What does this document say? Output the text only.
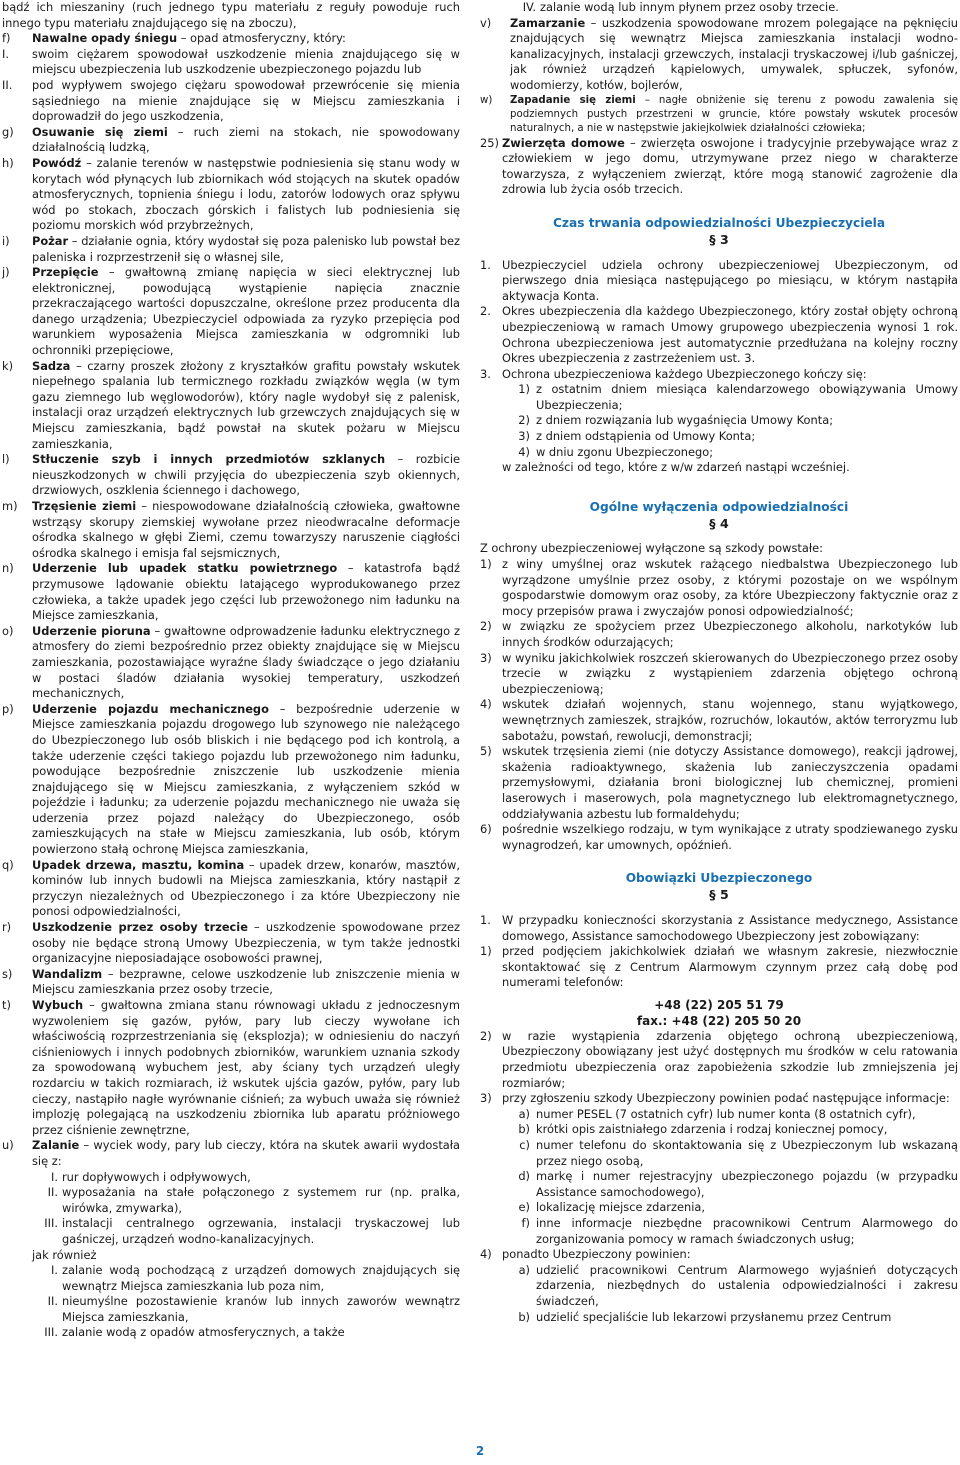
bądź ich mieszaniny (ruch jednego typu materiału z reguły powoduje ruch innego typu materiału znajdującego się na zboczu),

f) Nawalne opady śniegu – opad atmosferyczny, który:
I. swoim ciężarem spowodował uszkodzenie mienia znajdującego się w miejscu ubezpieczenia lub uszkodzenie ubezpieczonego pojazdu lub
II. pod wypływem swojego ciężaru spowodował przewrócenie się mienia sąsiedniego na mienie znajdujące się w Miejscu zamieszkania i doprowadził do jego uszkodzenia,
g) Osuwanie się ziemi – ruch ziemi na stokach, nie spowodowany działalnością ludzką,
h) Powódź – zalanie terenów w następstwie podniesienia się stanu wody w korytach wód płynących lub zbiornikach wód stojących na skutek opadów atmosferycznych, topnienia śniegu i lodu, zatorów lodowych oraz spływu wód po stokach, zboczach górskich i falistych lub podniesienia się poziomu morskich wód przybrzeżnych,
i) Pożar – działanie ognia, który wydostał się poza palenisko lub powstał bez paleniska i rozprzestrzenił się o własnej sile,
j) Przepięcie – gwałtowną zmianę napięcia w sieci elektrycznej lub elektronicznej, powodującą wystąpienie napięcia znacznie przekraczającego wartości dopuszczalne, określone przez producenta dla danego urządzenia; Ubezpieczyciel odpowiada za ryzyko przepięcia pod warunkiem wyposażenia Miejsca zamieszkania w odgromniki lub ochronniki przepięciowe,
k) Sadza – czarny proszek złożony z kryształków grafitu powstały wskutek niepełnego spalania lub termicznego rozkładu związków węgla (w tym gazu ziemnego lub węglowodorów), który nagle wydobył się z palenisk, instalacji oraz urządzeń elektrycznych lub grzewczych znajdujących się w Miejscu zamieszkania, bądź powstał na skutek pożaru w Miejscu zamieszkania,
l) Stłuczenie szyb i innych przedmiotów szklanych – rozbicie nieuszkodzonych w chwili przyjęcia do ubezpieczenia szyb okiennych, drzwiowych, oszklenia ściennego i dachowego,
m) Trzęsienie ziemi – niespowodowane działalnością człowieka, gwałtowne wstrząsy skorupy ziemskiej wywołane przez nieodwracalne deformacje ośrodka skalnego w głębi Ziemi, czemu towarzyszy naruszenie ciągłości ośrodka skalnego i emisja fal sejsmicznych,
n) Uderzenie lub upadek statku powietrznego – katastrofa bądź przymusowe lądowanie obiektu latającego wyprodukowanego przez człowieka, a także upadek jego części lub przewożonego nim ładunku na Miejsce zamieszkania,
o) Uderzenie pioruna – gwałtowne odprowadzenie ładunku elektrycznego z atmosfery do ziemi bezpośrednio przez obiekty znajdujące się w Miejscu zamieszkania, pozostawiające wyraźne ślady świadczące o jego działaniu w postaci śladów działania wysokiej temperatury, uszkodzeń mechanicznych,
p) Uderzenie pojazdu mechanicznego – bezpośrednie uderzenie w Miejsce zamieszkania pojazdu drogowego lub szynowego nie należącego do Ubezpieczonego lub osób bliskich i nie będącego pod ich kontrolą, a także uderzenie części takiego pojazdu lub przewożonego nim ładunku, powodujące bezpośrednie zniszczenie lub uszkodzenie mienia znajdującego się w Miejscu zamieszkania, z wyłączeniem szkód w pojeździe i ładunku; za uderzenie pojazdu mechanicznego nie uważa się uderzenia przez pojazd należący do Ubezpieczonego, osób zamieszkujących na stałe w Miejscu zamieszkania, lub osób, którym powierzono stałą ochronę Miejsca zamieszkania,
q) Upadek drzewa, masztu, komina – upadek drzew, konarów, masztów, kominów lub innych budowli na Miejsca zamieszkania, który nastąpił z przyczyn niezależnych od Ubezpieczonego i za które Ubezpieczony nie ponosi odpowiedzialności,
r) Uszkodzenie przez osoby trzecie – uszkodzenie spowodowane przez osoby nie będące stroną Umowy Ubezpieczenia, w tym także jednostki organizacyjne nieposiadające osobowości prawnej,
s) Wandalizm – bezprawne, celowe uszkodzenie lub zniszczenie mienia w Miejscu zamieszkania przez osoby trzecie,
t) Wybuch – gwałtowna zmiana stanu równowagi układu z jednoczesnym wyzwoleniem się gazów, pyłów, pary lub cieczy wywołane ich właściwością rozprzestrzeniania się (eksplozja); w odniesieniu do naczyń ciśnieniowych i innych podobnych zbiorników, warunkiem uznania szkody za spowodowaną wybuchem jest, aby ściany tych urządzeń uległy rozdarciu w takich rozmiarach, iż wskutek ujścia gazów, pyłów, pary lub cieczy, nastąpiło nagłe wyrównanie ciśnień; za wybuch uważa się również implozję polegającą na uszkodzeniu zbiornika lub aparatu próżniowego przez ciśnienie zewnętrzne,
u) Zalanie – wyciek wody, pary lub cieczy, która na skutek awarii wydostała się z:
I. rur dopływowych i odpływowych,
II. wyposażania na stałe połączonego z systemem rur (np. pralka, wirówka, zmywarka),
III. instalacji centralnego ogrzewania, instalacji tryskaczowej lub gaśniczej, urządzeń wodno-kanalizacyjnych.

jak również

I. zalanie wodą pochodzącą z urządzeń domowych znajdujących się wewnątrz Miejsca zamieszkania lub poza nim,
II. nieumyślne pozostawienie kranów lub innych zaworów wewnątrz Miejsca zamieszkania,
III. zalanie wodą z opadów atmosferycznych, a także
IV. zalanie wodą lub innym płynem przez osoby trzecie.
v) Zamarzanie – uszkodzenia spowodowane mrozem polegające na pęknięciu znajdujących się wewnątrz Miejsca zamieszkania instalacji wodno-kanalizacyjnych, instalacji grzewczych, instalacji tryskaczowej i/lub gaśniczej, jak również urządzeń kąpielowych, umywalek, spłuczek, syfonów, wodomierzy, kotłów, bojlerów,
w) Zapadanie się ziemi – nagłe obniżenie się terenu z powodu zawalenia się podziemnych pustych przestrzeni w gruncie, które powstały wskutek procesów naturalnych, a nie w następstwie jakiejkolwiek działalności człowieka;
25) Zwierzęta domowe – zwierzęta oswojone i tradycyjnie przebywające wraz z człowiekiem w jego domu, utrzymywane przez niego w charakterze towarzysza, z wyłączeniem zwierząt, które mogą stanowić zagrożenie dla zdrowia lub życia osób trzecich.

Czas trwania odpowiedzialności Ubezpieczyciela

§ 3

1. Ubezpieczyciel udziela ochrony ubezpieczeniowej Ubezpieczonym, od pierwszego dnia miesiąca następującego po miesiącu, w którym nastąpiła aktywacja Konta.
2. Okres ubezpieczenia dla każdego Ubezpieczonego, który został objęty ochroną ubezpieczeniową w ramach Umowy grupowego ubezpieczenia wynosi 1 rok. Ochrona ubezpieczeniowa jest automatycznie przedłużana na kolejny roczny Okres ubezpieczenia z zastrzeżeniem ust. 3.
3. Ochrona ubezpieczeniowa każdego Ubezpieczonego kończy się:
1) z ostatnim dniem miesiąca kalendarzowego obowiązywania Umowy Ubezpieczenia;
2) z dniem rozwiązania lub wygaśnięcia Umowy Konta;
3) z dniem odstąpienia od Umowy Konta;
4) w dniu zgonu Ubezpieczonego;

w zależności od tego, które z w/w zdarzeń nastąpi wcześniej.

Ogólne wyłączenia odpowiedzialności

§ 4

Z ochrony ubezpieczeniowej wyłączone są szkody powstałe:

1) z winy umyślnej oraz wskutek rażącego niedbalstwa Ubezpieczonego lub wyrządzone umyślnie przez osoby, z którymi pozostaje on we wspólnym gospodarstwie domowym oraz osoby, za które Ubezpieczony faktycznie oraz z mocy przepisów prawa i zwyczajów ponosi odpowiedzialność;
2) w związku ze spożyciem przez Ubezpieczonego alkoholu, narkotyków lub innych środków odurzających;
3) w wyniku jakichkolwiek roszczeń skierowanych do Ubezpieczonego przez osoby trzecie w związku z wystąpieniem zdarzenia objętego ochroną ubezpieczeniową;
4) wskutek działań wojennych, stanu wojennego, stanu wyjątkowego, wewnętrznych zamieszek, strajków, rozruchów, lokautów, aktów terroryzmu lub sabotażu, powstań, rewolucji, demonstracji;
5) wskutek trzęsienia ziemi (nie dotyczy Assistance domowego), reakcji jądrowej, skażenia radioaktywnego, skażenia lub zanieczyszczenia opadami przemysłowymi, działania broni biologicznej lub chemicznej, promieni laserowych i maserowych, pola magnetycznego lub elektromagnetycznego, oddziaływania azbestu lub formaldehydu;
6) pośrednie wszelkiego rodzaju, w tym wynikające z utraty spodziewanego zysku wynagrodzeń, kar umownych, opóźnień.

Obowiązki Ubezpieczonego

§ 5

1. W przypadku konieczności skorzystania z Assistance medycznego, Assistance domowego, Assistance samochodowego Ubezpieczony jest zobowiązany:
1) przed podjęciem jakichkolwiek działań we własnym zakresie, niezwłocznie skontaktować się z Centrum Alarmowym czynnym przez całą dobę pod numerami telefonów:

+48 (22) 205 51 79

fax.: +48 (22) 205 50 20

2) w razie wystąpienia zdarzenia objętego ochroną ubezpieczeniową, Ubezpieczony obowiązany jest użyć dostępnych mu środków w celu ratowania przedmiotu ubezpieczenia oraz zapobieżenia szkodzie lub zmniejszenia jej rozmiarów;
3) przy zgłoszeniu szkody Ubezpieczony powinien podać następujące informacje:
a) numer PESEL (7 ostatnich cyfr) lub numer konta (8 ostatnich cyfr),
b) krótki opis zaistniałego zdarzenia i rodzaj koniecznej pomocy,
c) numer telefonu do skontaktowania się z Ubezpieczonym lub wskazaną przez niego osobą,
d) markę i numer rejestracyjny ubezpieczonego pojazdu (w przypadku Assistance samochodowego),
e) lokalizację miejsce zdarzenia,
f) inne informacje niezbędne pracownikowi Centrum Alarmowego do zorganizowania pomocy w ramach świadczonych usług;
4) ponadto Ubezpieczony powinien:
a) udzielić pracownikowi Centrum Alarmowego wyjaśnień dotyczących zdarzenia, niezbędnych do ustalenia odpowiedzialności i zakresu świadczeń,
b) udzielić specjaliście lub lekarzowi przysłanemu przez Centrum
2
